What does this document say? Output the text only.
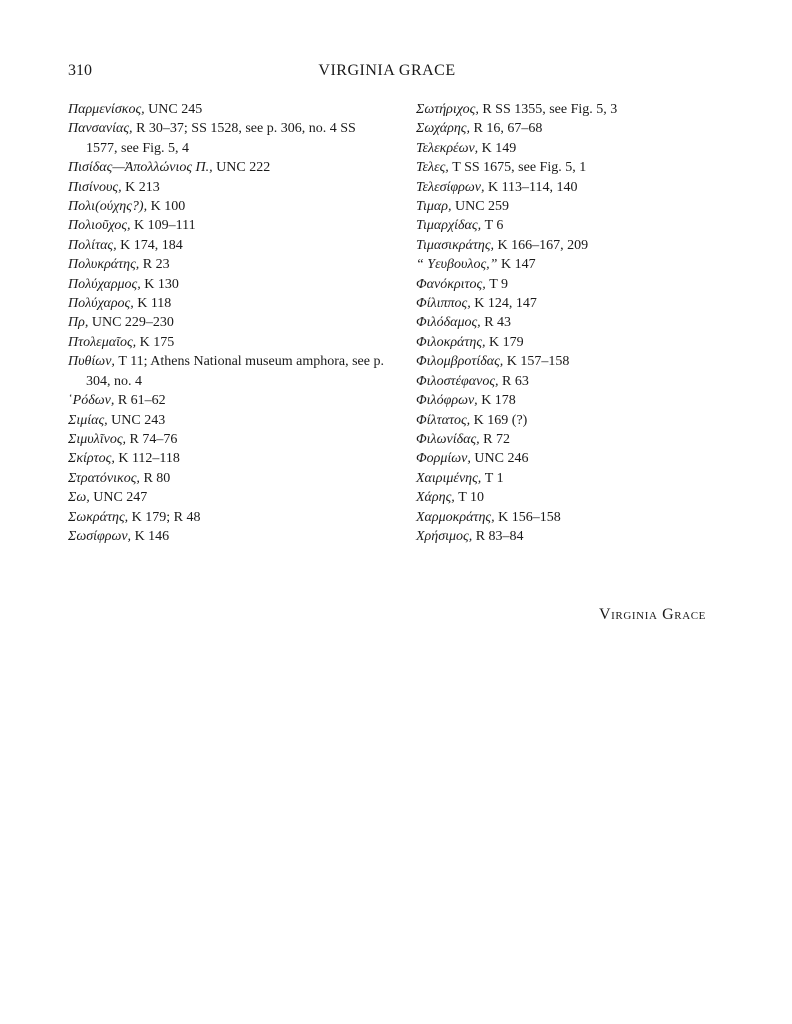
310	VIRGINIA GRACE

Παρμενίσκος, UNC 245

Πανσανίας, R 30–37; SS 1528, see p. 306, no. 4 SS 1577, see Fig. 5, 4

Πισίδας—Ἀπολλώνιος Π., UNC 222

Πισίνους, K 213

Πολι(ούχης?), K 100

Πολιοῦχος, K 109–111

Πολίτας, K 174, 184

Πολυκράτης, R 23

Πολύχαρμος, K 130

Πολύχαρος, K 118

Πρ, UNC 229–230

Πτολεμαῖος, K 175

Πυθίων, T 11; Athens National museum amphora, see p. 304, no. 4

῾Ρόδων, R 61–62

Σιμίας, UNC 243

Σιμυλῖνος, R 74–76

Σκίρτος, K 112–118

Στρατόνικος, R 80

Σω, UNC 247

Σωκράτης, K 179; R 48

Σωσίφρων, K 146

Σωτήριχος, R SS 1355, see Fig. 5, 3

Σωχάρης, R 16, 67–68

Τελεκρέων, K 149

Τελες, T SS 1675, see Fig. 5, 1

Τελεσίφρων, K 113–114, 140

Τιμαρ, UNC 259

Τιμαρχίδας, T 6

Τιμασικράτης, K 166–167, 209

“ Υευβουλος,” K 147

Φανόκριτος, T 9

Φίλιππος, K 124, 147

Φιλόδαμος, R 43

Φιλοκράτης, K 179

Φιλομβροτίδας, K 157–158

Φιλοστέφανος, R 63

Φιλόφρων, K 178

Φίλτατος, K 169 (?)

Φιλωνίδας, R 72

Φορμίων, UNC 246

Χαιριμένης, T 1

Χάρης, T 10

Χαρμοκράτης, K 156–158

Χρήσιμος, R 83–84

Virginia Grace
